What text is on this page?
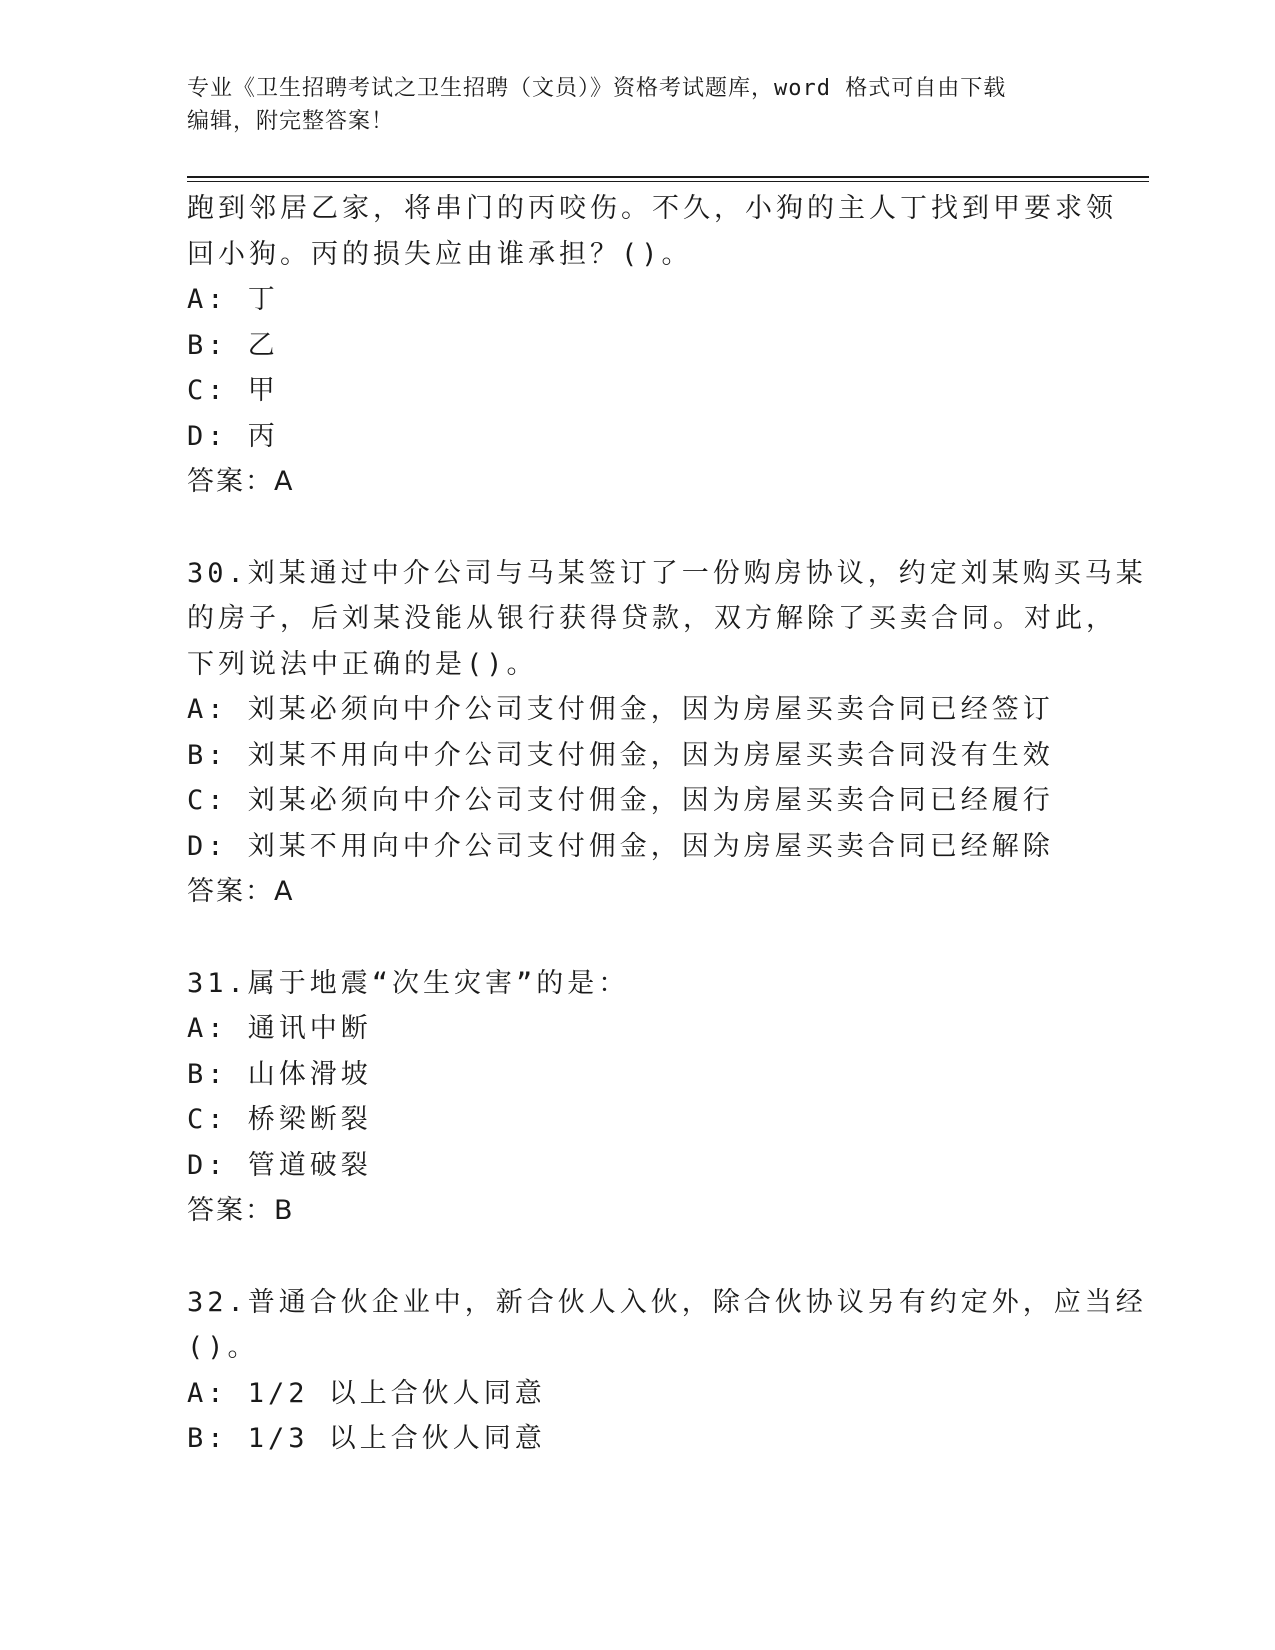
专业《卫生招聘考试之卫生招聘（文员）》资格考试题库，word 格式可自由下载
编辑，附完整答案！
跑到邻居乙家，将串门的丙咬伤。不久，小狗的主人丁找到甲要求领
回小狗。丙的损失应由谁承担？()。
A: 丁
B: 乙
C: 甲
D: 丙
答案：A
30.刘某通过中介公司与马某签订了一份购房协议，约定刘某购买马某
的房子，后刘某没能从银行获得贷款，双方解除了买卖合同。对此，
下列说法中正确的是()。
A: 刘某必须向中介公司支付佣金，因为房屋买卖合同已经签订
B: 刘某不用向中介公司支付佣金，因为房屋买卖合同没有生效
C: 刘某必须向中介公司支付佣金，因为房屋买卖合同已经履行
D: 刘某不用向中介公司支付佣金，因为房屋买卖合同已经解除
答案：A
31.属于地震“次生灾害”的是：
A: 通讯中断
B: 山体滑坡
C: 桥梁断裂
D: 管道破裂
答案：B
32.普通合伙企业中，新合伙人入伙，除合伙协议另有约定外，应当经
()。
A: 1/2 以上合伙人同意
B: 1/3 以上合伙人同意
